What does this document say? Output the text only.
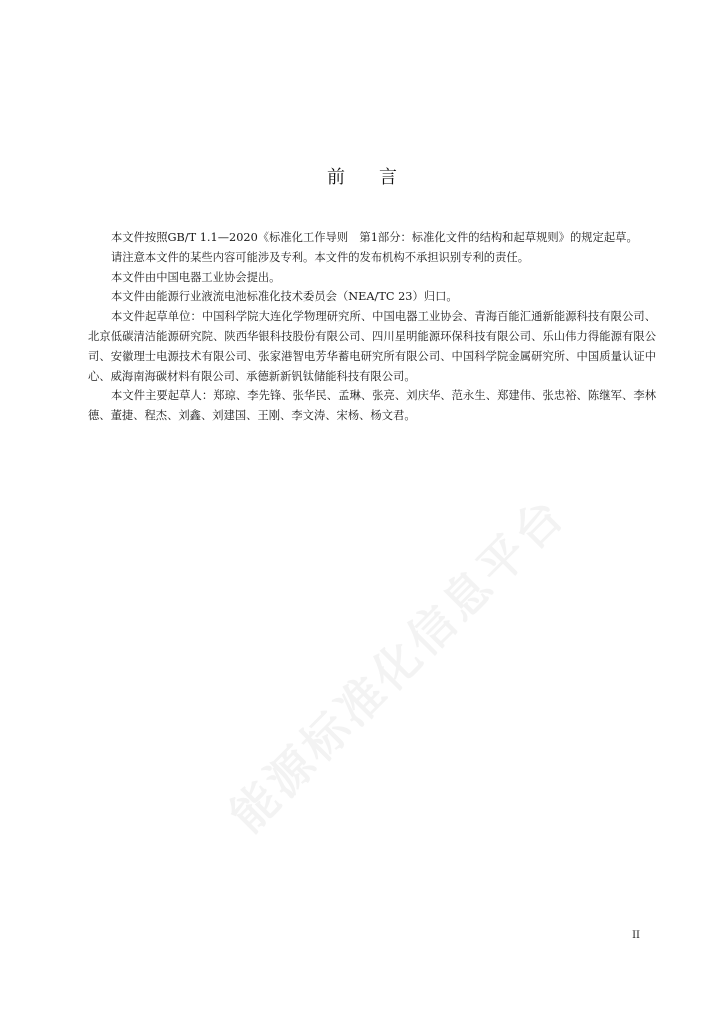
前 言

本文件按照GB/T 1.1—2020《标准化工作导则　第1部分：标准化文件的结构和起草规则》的规定起草。

请注意本文件的某些内容可能涉及专利。本文件的发布机构不承担识别专利的责任。

本文件由中国电器工业协会提出。

本文件由能源行业液流电池标准化技术委员会（NEA/TC 23）归口。

本文件起草单位：中国科学院大连化学物理研究所、中国电器工业协会、青海百能汇通新能源科技有限公司、北京低碳清洁能源研究院、陕西华银科技股份有限公司、四川星明能源环保科技有限公司、乐山伟力得能源有限公司、安徽理士电源技术有限公司、张家港智电芳华蓄电研究所有限公司、中国科学院金属研究所、中国质量认证中心、威海南海碳材料有限公司、承德新新钒钛储能科技有限公司。

本文件主要起草人：郑琼、李先锋、张华民、孟琳、张亮、刘庆华、范永生、郑建伟、张忠裕、陈继军、李林德、董捷、程杰、刘鑫、刘建国、王刚、李文涛、宋杨、杨文君。

能源标准化信息平台
II
